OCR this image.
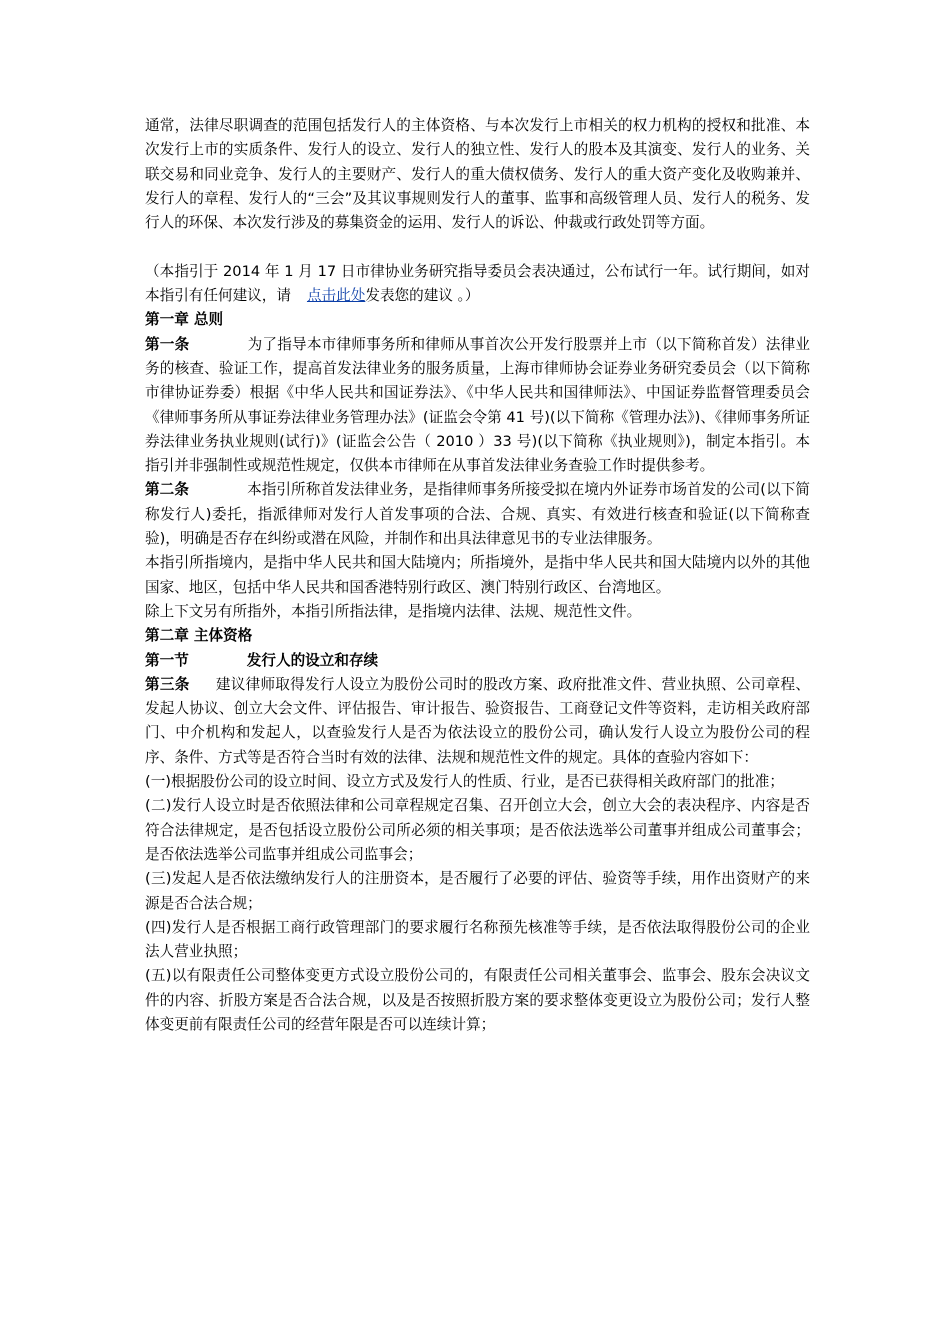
通常，法律尽职调查的范围包括发行人的主体资格、与本次发行上市相关的权力机构的授权和批准、本次发行上市的实质条件、发行人的设立、发行人的独立性、发行人的股本及其演变、发行人的业务、关联交易和同业竞争、发行人的主要财产、发行人的重大债权债务、发行人的重大资产变化及收购兼并、发行人的章程、发行人的“三会”及其议事规则发行人的董事、监事和高级管理人员、发行人的税务、发行人的环保、本次发行涉及的募集资金的运用、发行人的诉讼、仲裁或行政处罚等方面。

（本指引于 2014 年 1 月 17 日市律协业务研究指导委员会表决通过，公布试行一年。试行期间，如对本指引有任何建议，请 点击此处发表您的建议 。）

第一章 总则

第一条	为了指导本市律师事务所和律师从事首次公开发行股票并上市（以下简称首发）法律业务的核查、验证工作，提高首发法律业务的服务质量，上海市律师协会证券业务研究委员会（以下简称市律协证券委）根据《中华人民共和国证券法》、《中华人民共和国律师法》、中国证券监督管理委员会《律师事务所从事证券法律业务管理办法》(证监会令第 41 号)(以下简称《管理办法》)、《律师事务所证券法律业务执业规则(试行)》(证监会公告（ 2010 ）33 号)(以下简称《执业规则》)，制定本指引。本指引并非强制性或规范性规定，仅供本市律师在从事首发法律业务查验工作时提供参考。

第二条	本指引所称首发法律业务，是指律师事务所接受拟在境内外证券市场首发的公司(以下简称发行人)委托，指派律师对发行人首发事项的合法、合规、真实、有效进行核查和验证(以下简称查验)，明确是否存在纠纷或潜在风险，并制作和出具法律意见书的专业法律服务。

本指引所指境内，是指中华人民共和国大陆境内；所指境外，是指中华人民共和国大陆境内以外的其他国家、地区，包括中华人民共和国香港特别行政区、澳门特别行政区、台湾地区。

除上下文另有所指外，本指引所指法律，是指境内法律、法规、规范性文件。

第二章 主体资格

第一节	发行人的设立和存续

第三条 建议律师取得发行人设立为股份公司时的股改方案、政府批准文件、营业执照、公司章程、发起人协议、创立大会文件、评估报告、审计报告、验资报告、工商登记文件等资料，走访相关政府部门、中介机构和发起人，以查验发行人是否为依法设立的股份公司，确认发行人设立为股份公司的程序、条件、方式等是否符合当时有效的法律、法规和规范性文件的规定。具体的查验内容如下：

(一)根据股份公司的设立时间、设立方式及发行人的性质、行业，是否已获得相关政府部门的批准；

(二)发行人设立时是否依照法律和公司章程规定召集、召开创立大会，创立大会的表决程序、内容是否符合法律规定，是否包括设立股份公司所必须的相关事项；是否依法选举公司董事并组成公司董事会；是否依法选举公司监事并组成公司监事会；

(三)发起人是否依法缴纳发行人的注册资本，是否履行了必要的评估、验资等手续，用作出资财产的来源是否合法合规；

(四)发行人是否根据工商行政管理部门的要求履行名称预先核准等手续，是否依法取得股份公司的企业法人营业执照；

(五)以有限责任公司整体变更方式设立股份公司的，有限责任公司相关董事会、监事会、股东会决议文件的内容、折股方案是否合法合规，以及是否按照折股方案的要求整体变更设立为股份公司；发行人整体变更前有限责任公司的经营年限是否可以连续计算；
